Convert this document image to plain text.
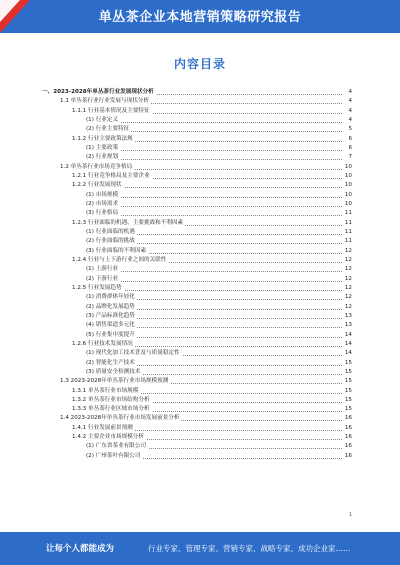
单丛茶企业本地营销策略研究报告
内容目录
一、2023-2028年单丛茶行业发展现状分析	4
1.1 单丛茶行业行业发展与现状分析	4
1.1.1 行业基本情况及主要特征	4
(1) 行业定义	4
(2) 行业主要特征	5
1.1.2 行业主要政策法规	6
(1) 主要政策	6
(2) 行业规划	7
1.2 单丛茶行业市场竞争格局	10
1.2.1 行业竞争格局及主要企业	10
1.2.2 行业发展现状	10
(1) 市场规模	10
(2) 市场需求	10
(3) 行业格局	11
1.2.3 行业面临的机遇、主要挑战和不利因素	11
(1) 行业面临的机遇	11
(2) 行业面临的挑战	11
(3) 行业面临的不利因素	12
1.2.4 行业与上下游行业之间的关联性	12
(1) 上游行业	12
(2) 下游行业	12
1.2.5 行业发展趋势	12
(1) 消费群体年轻化	12
(2) 品牌化发展趋势	12
(3) 产品标准化趋势	13
(4) 销售渠道多元化	13
(5) 行业集中度提升	14
1.2.6 行业技术发展情况	14
(1) 现代化加工技术普及与质量稳定性	14
(2) 智能化生产技术	15
(3) 质量安全检测技术	15
1.3 2023-2028年单丛茶行业市场规模预测	15
1.3.1 单丛茶行业市场规模	15
1.3.2 单丛茶行业市场结构分析	15
1.3.3 单丛茶行业区域市场分析	15
1.4 2023-2028年单丛茶行业市场发展前景分析	16
1.4.1 行业发展前景预测	16
1.4.2 主要企业市场规模分析	16
(1) 广东省茶业有限公司	16
(2) 广州茶叶有限公司	16
1
让每个人都能成为	行业专家、管理专家、营销专家、战略专家、成功企业家……
